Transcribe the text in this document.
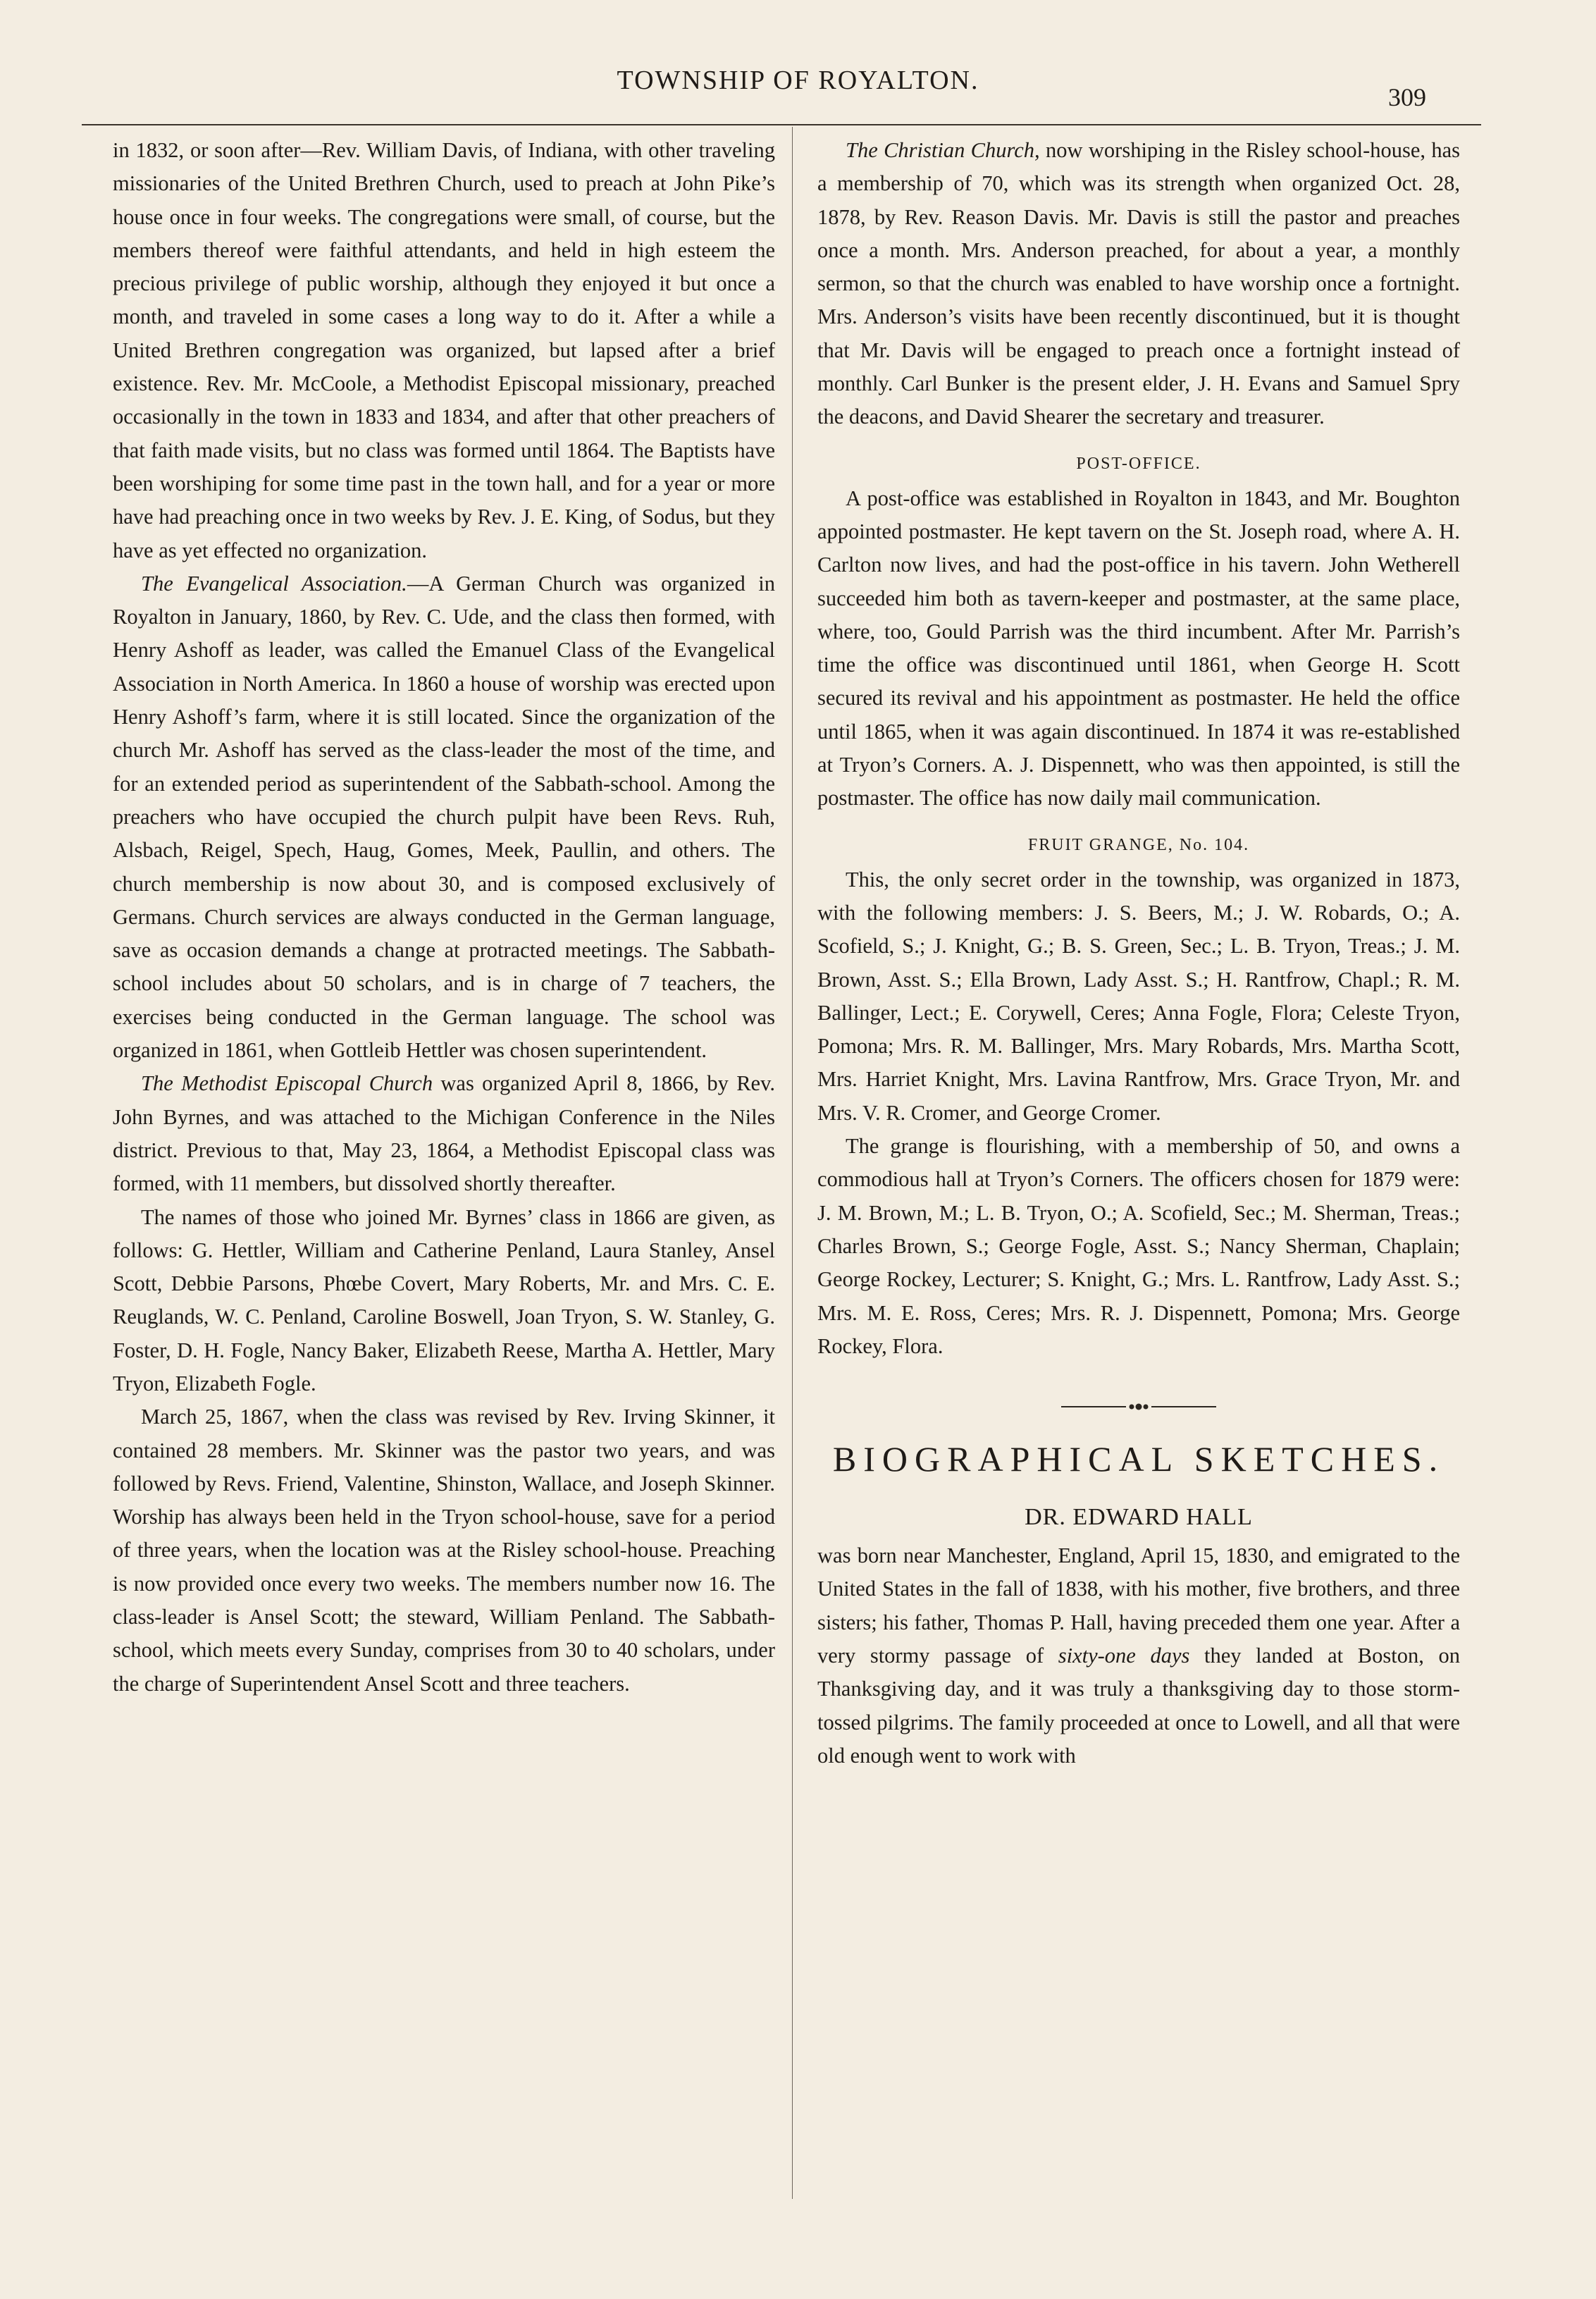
TOWNSHIP OF ROYALTON.
309

in 1832, or soon after—Rev. William Davis, of Indiana, with other traveling missionaries of the United Brethren Church, used to preach at John Pike’s house once in four weeks. The congregations were small, of course, but the members thereof were faithful attendants, and held in high esteem the precious privilege of public worship, although they enjoyed it but once a month, and traveled in some cases a long way to do it. After a while a United Brethren congregation was organized, but lapsed after a brief existence. Rev. Mr. McCoole, a Methodist Episcopal missionary, preached occasionally in the town in 1833 and 1834, and after that other preachers of that faith made visits, but no class was formed until 1864. The Baptists have been worshiping for some time past in the town hall, and for a year or more have had preaching once in two weeks by Rev. J. E. King, of Sodus, but they have as yet effected no organization.

The Evangelical Association.—A German Church was organized in Royalton in January, 1860, by Rev. C. Ude, and the class then formed, with Henry Ashoff as leader, was called the Emanuel Class of the Evangelical Association in North America. In 1860 a house of worship was erected upon Henry Ashoff’s farm, where it is still located. Since the organization of the church Mr. Ashoff has served as the class-leader the most of the time, and for an extended period as superintendent of the Sabbath-school. Among the preachers who have occupied the church pulpit have been Revs. Ruh, Alsbach, Reigel, Spech, Haug, Gomes, Meek, Paullin, and others. The church membership is now about 30, and is composed exclusively of Germans. Church services are always conducted in the German language, save as occasion demands a change at protracted meetings. The Sabbath-school includes about 50 scholars, and is in charge of 7 teachers, the exercises being conducted in the German language. The school was organized in 1861, when Gottleib Hettler was chosen superintendent.

The Methodist Episcopal Church was organized April 8, 1866, by Rev. John Byrnes, and was attached to the Michigan Conference in the Niles district. Previous to that, May 23, 1864, a Methodist Episcopal class was formed, with 11 members, but dissolved shortly thereafter.

The names of those who joined Mr. Byrnes’ class in 1866 are given, as follows: G. Hettler, William and Catherine Penland, Laura Stanley, Ansel Scott, Debbie Parsons, Phœbe Covert, Mary Roberts, Mr. and Mrs. C. E. Reuglands, W. C. Penland, Caroline Boswell, Joan Tryon, S. W. Stanley, G. Foster, D. H. Fogle, Nancy Baker, Elizabeth Reese, Martha A. Hettler, Mary Tryon, Elizabeth Fogle.

March 25, 1867, when the class was revised by Rev. Irving Skinner, it contained 28 members. Mr. Skinner was the pastor two years, and was followed by Revs. Friend, Valentine, Shinston, Wallace, and Joseph Skinner. Worship has always been held in the Tryon school-house, save for a period of three years, when the location was at the Risley school-house. Preaching is now provided once every two weeks. The members number now 16. The class-leader is Ansel Scott; the steward, William Penland. The Sabbath-school, which meets every Sunday, comprises from 30 to 40 scholars, under the charge of Superintendent Ansel Scott and three teachers.

The Christian Church, now worshiping in the Risley school-house, has a membership of 70, which was its strength when organized Oct. 28, 1878, by Rev. Reason Davis. Mr. Davis is still the pastor and preaches once a month. Mrs. Anderson preached, for about a year, a monthly sermon, so that the church was enabled to have worship once a fortnight. Mrs. Anderson’s visits have been recently discontinued, but it is thought that Mr. Davis will be engaged to preach once a fortnight instead of monthly. Carl Bunker is the present elder, J. H. Evans and Samuel Spry the deacons, and David Shearer the secretary and treasurer.

POST-OFFICE.

A post-office was established in Royalton in 1843, and Mr. Boughton appointed postmaster. He kept tavern on the St. Joseph road, where A. H. Carlton now lives, and had the post-office in his tavern. John Wetherell succeeded him both as tavern-keeper and postmaster, at the same place, where, too, Gould Parrish was the third incumbent. After Mr. Parrish’s time the office was discontinued until 1861, when George H. Scott secured its revival and his appointment as postmaster. He held the office until 1865, when it was again discontinued. In 1874 it was re-established at Tryon’s Corners. A. J. Dispennett, who was then appointed, is still the postmaster. The office has now daily mail communication.

FRUIT GRANGE, No. 104.

This, the only secret order in the township, was organized in 1873, with the following members: J. S. Beers, M.; J. W. Robards, O.; A. Scofield, S.; J. Knight, G.; B. S. Green, Sec.; L. B. Tryon, Treas.; J. M. Brown, Asst. S.; Ella Brown, Lady Asst. S.; H. Rantfrow, Chapl.; R. M. Ballinger, Lect.; E. Corywell, Ceres; Anna Fogle, Flora; Celeste Tryon, Pomona; Mrs. R. M. Ballinger, Mrs. Mary Robards, Mrs. Martha Scott, Mrs. Harriet Knight, Mrs. Lavina Rantfrow, Mrs. Grace Tryon, Mr. and Mrs. V. R. Cromer, and George Cromer.

The grange is flourishing, with a membership of 50, and owns a commodious hall at Tryon’s Corners. The officers chosen for 1879 were: J. M. Brown, M.; L. B. Tryon, O.; A. Scofield, Sec.; M. Sherman, Treas.; Charles Brown, S.; George Fogle, Asst. S.; Nancy Sherman, Chaplain; George Rockey, Lecturer; S. Knight, G.; Mrs. L. Rantfrow, Lady Asst. S.; Mrs. M. E. Ross, Ceres; Mrs. R. J. Dispennett, Pomona; Mrs. George Rockey, Flora.

BIOGRAPHICAL SKETCHES.
DR. EDWARD HALL

was born near Manchester, England, April 15, 1830, and emigrated to the United States in the fall of 1838, with his mother, five brothers, and three sisters; his father, Thomas P. Hall, having preceded them one year. After a very stormy passage of sixty-one days they landed at Boston, on Thanksgiving day, and it was truly a thanksgiving day to those storm-tossed pilgrims. The family proceeded at once to Lowell, and all that were old enough went to work with
